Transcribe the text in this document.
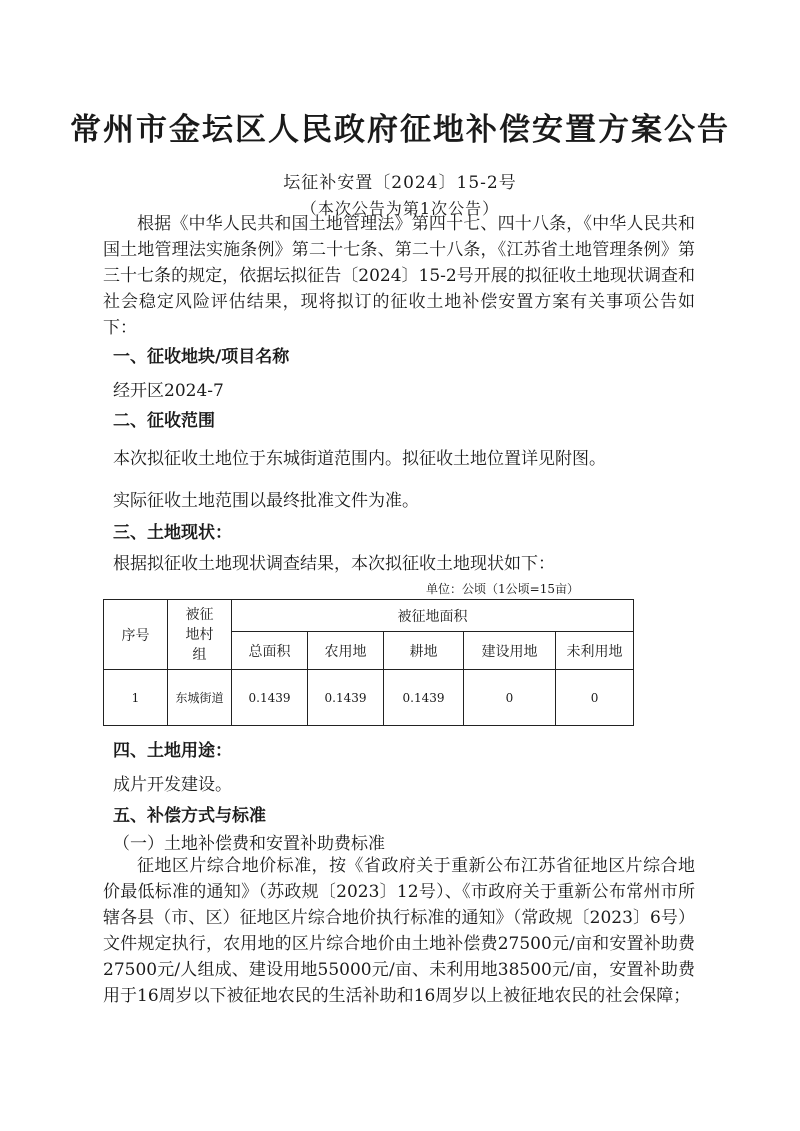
常州市金坛区人民政府征地补偿安置方案公告
坛征补安置〔2024〕15-2号
（本次公告为第1次公告）
根据《中华人民共和国土地管理法》第四十七、四十八条，《中华人民共和国土地管理法实施条例》第二十七条、第二十八条，《江苏省土地管理条例》第三十七条的规定，依据坛拟征告〔2024〕15-2号开展的拟征收土地现状调查和社会稳定风险评估结果，现将拟订的征收土地补偿安置方案有关事项公告如下：
一、征收地块/项目名称
经开区2024-7
二、征收范围
本次拟征收土地位于东城街道范围内。拟征收土地位置详见附图。
实际征收土地范围以最终批准文件为准。
三、土地现状：
根据拟征收土地现状调查结果，本次拟征收土地现状如下：
单位：公顷（1公顷=15亩）
序号	被征地村组	被征地面积				
		总面积	农用地	耕地	建设用地	未利用地
1	东城街道	0.1439	0.1439	0.1439	0	0
四、土地用途：
成片开发建设。
五、补偿方式与标准
（一）土地补偿费和安置补助费标准
征地区片综合地价标准，按《省政府关于重新公布江苏省征地区片综合地价最低标准的通知》（苏政规〔2023〕12号）、《市政府关于重新公布常州市所辖各县（市、区）征地区片综合地价执行标准的通知》（常政规〔2023〕6号）文件规定执行，农用地的区片综合地价由土地补偿费27500元/亩和安置补助费27500元/人组成、建设用地55000元/亩、未利用地38500元/亩，安置补助费用于16周岁以下被征地农民的生活补助和16周岁以上被征地农民的社会保障；
